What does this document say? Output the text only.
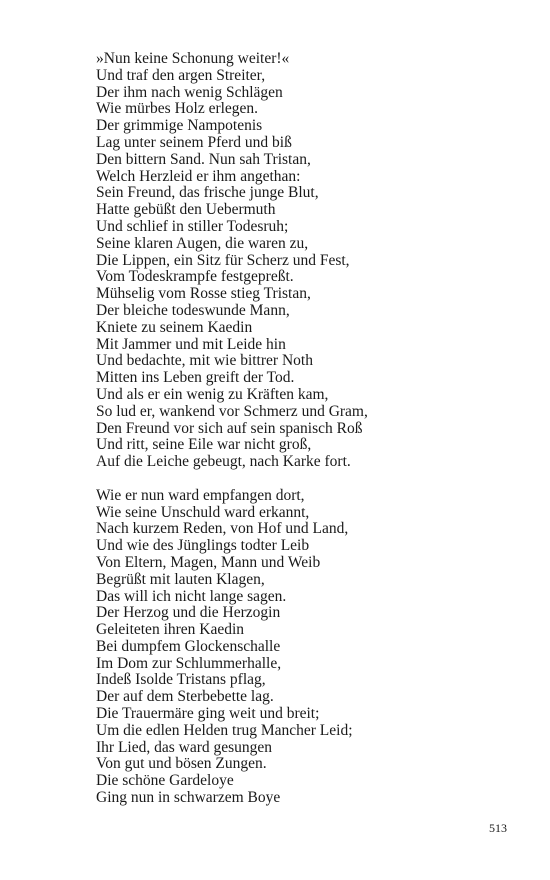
»Nun keine Schonung weiter!«
Und traf den argen Streiter,
Der ihm nach wenig Schlägen
Wie mürbes Holz erlegen.
Der grimmige Nampotenis
Lag unter seinem Pferd und biß
Den bittern Sand. Nun sah Tristan,
Welch Herzleid er ihm angethan:
Sein Freund, das frische junge Blut,
Hatte gebüßt den Uebermuth
Und schlief in stiller Todesruh;
Seine klaren Augen, die waren zu,
Die Lippen, ein Sitz für Scherz und Fest,
Vom Todeskrampfe festgepreßt.
Mühselig vom Rosse stieg Tristan,
Der bleiche todeswunde Mann,
Kniete zu seinem Kaedin
Mit Jammer und mit Leide hin
Und bedachte, mit wie bittrer Noth
Mitten ins Leben greift der Tod.
Und als er ein wenig zu Kräften kam,
So lud er, wankend vor Schmerz und Gram,
Den Freund vor sich auf sein spanisch Roß
Und ritt, seine Eile war nicht groß,
Auf die Leiche gebeugt, nach Karke fort.

Wie er nun ward empfangen dort,
Wie seine Unschuld ward erkannt,
Nach kurzem Reden, von Hof und Land,
Und wie des Jünglings todter Leib
Von Eltern, Magen, Mann und Weib
Begrüßt mit lauten Klagen,
Das will ich nicht lange sagen.
Der Herzog und die Herzogin
Geleiteten ihren Kaedin
Bei dumpfem Glockenschalle
Im Dom zur Schlummerhalle,
Indeß Isolde Tristans pflag,
Der auf dem Sterbebette lag.
Die Trauermäre ging weit und breit;
Um die edlen Helden trug Mancher Leid;
Ihr Lied, das ward gesungen
Von gut und bösen Zungen.
Die schöne Gardeloye
Ging nun in schwarzem Boye

513
